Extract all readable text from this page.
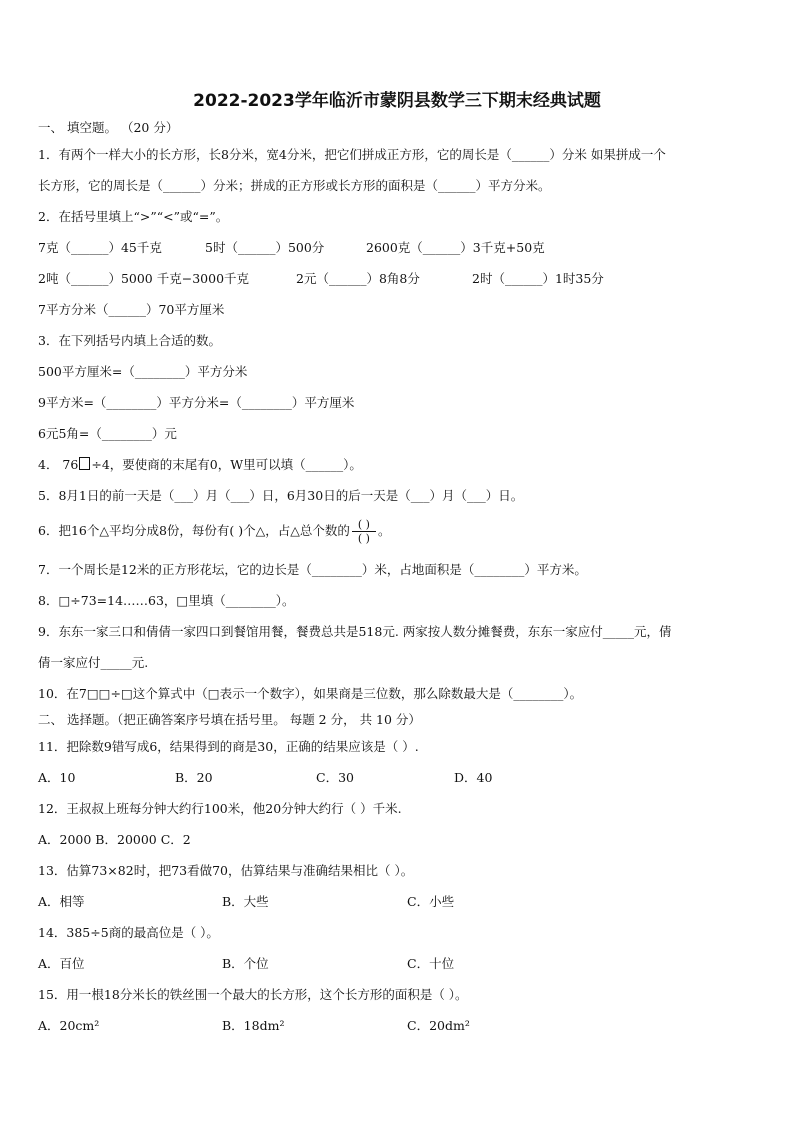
2022-2023学年临沂市蒙阴县数学三下期末经典试题
一、 填空题。 （20 分）
1．有两个一样大小的长方形，长8分米，宽4分米，把它们拼成正方形，它的周长是（______）分米 如果拼成一个
长方形，它的周长是（______）分米；拼成的正方形或长方形的面积是（______）平方分米。
2．在括号里填上“>”“<”或“=”。
7克（______）45千克	5时（______）500分	2600克（______）3千克+50克
2吨（______）5000 千克−3000千克	2元（______）8角8分	2时（______）1时35分
7平方分米（______）70平方厘米
3．在下列括号内填上合适的数。
500平方厘米=（________）平方分米
9平方米=（________）平方分米=（________）平方厘米
6元5角=（________）元
4． 76 ÷4，要使商的末尾有0，W里可以填（______）。
5．8月1日的前一天是（___）月（___）日，6月30日的后一天是（___）月（___）日。
6．把16个△平均分成8份，每份有( )个△，占△总个数的 $\frac{( )}{( )}$ 。
7．一个周长是12米的正方形花坛，它的边长是（________）米，占地面积是（________）平方米。
8．□÷73=14……63，□里填（________）。
9．东东一家三口和倩倩一家四口到餐馆用餐，餐费总共是518元. 两家按人数分摊餐费，东东一家应付_____元，倩
倩一家应付_____元.
10．在7□□÷□这个算式中（□表示一个数字），如果商是三位数，那么除数最大是（________）。
二、 选择题。（把正确答案序号填在括号里。 每题 2 分， 共 10 分）
11．把除数9错写成6，结果得到的商是30，正确的结果应该是（ ）.
A．10	B．20	C．30	D．40
12．王叔叔上班每分钟大约行100米，他20分钟大约行（ ）千米.
A．2000 B．20000 C．2
13．估算73×82时，把73看做70，估算结果与准确结果相比（ ）。
A．相等	B．大些	C．小些
14．385÷5商的最高位是（ ）。
A．百位	B．个位	C．十位
15．用一根18分米长的铁丝围一个最大的长方形，这个长方形的面积是（ ）。
A．20cm²	B．18dm²	C．20dm²
